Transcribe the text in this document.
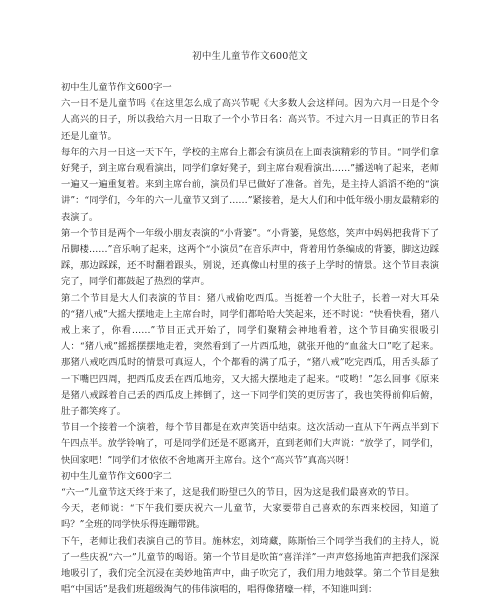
初中生儿童节作文600范文

初中生儿童节作文600字一

六一日不是儿童节吗《在这里怎么成了高兴节呢《大多数人会这样问。因为六月一日是个令人高兴的日子，所以我给六月一日取了一个小节日名：高兴节。不过六月一日真正的节日名还是儿童节。

每年的六月一日这一天下午，学校的主席台上都会有演员在上面表演精彩的节目。“同学们拿好凳子，到主席台观看演出，同学们拿好凳子，到主席台观看演出……”播送响了起来，老师一遍又一遍重复着。来到主席台前，演员们早已做好了准备。首先，是主持人滔滔不绝的“演讲”：“同学们，今年的六一儿童节又到了……”紧接着，是大人们和中低年级小朋友最精彩的表演了。

第一个节目是两个一年级小朋友表演的“小背篓”。“小背篓，晃悠悠，笑声中妈妈把我背下了吊脚楼……”音乐响了起来，这两个“小演员”在音乐声中，背着用竹条编成的背篓，脚这边踩踩，那边踩踩，还不时翻着跟头，别说，还真像山村里的孩子上学时的情景。这个节目表演完了，同学们都鼓起了热烈的掌声。

第二个节目是大人们表演的节目：猪八戒偷吃西瓜。当挺着一个大肚子，长着一对大耳朵的“猪八戒”大摇大摆地走上主席台时，同学们都哈哈大笑起来，还不时说：“快看快看，猪八戒上来了，你看……”节目正式开始了，同学们聚精会神地看着，这个节目确实很吸引人：“猪八戒”摇摇摆摆地走着，突然看到了一片西瓜地，就张开他的“血盆大口”吃了起来。那猪八戒吃西瓜时的情景可真逗人，个个都看的满了瓜子，“猪八戒”吃完西瓜，用舌头舔了一下嘴巴四周，把西瓜皮丢在西瓜地旁，又大摇大摆地走了起来。“哎哟！”怎么回事《原来是猪八戒踩着自己丢的西瓜皮上摔倒了，这一下同学们笑的更厉害了，我也笑得前仰后俯，肚子都笑疼了。

节目一个接着一个演着，每个节目都是在欢声笑语中结束。这次活动一直从下午两点半到下午四点半。放学铃响了，可是同学们还是不愿离开，直到老师们大声说：“放学了，同学们，快回家吧！”同学们才依依不舍地离开主席台。这个“高兴节”真高兴呀！

初中生儿童节作文600字二

“六一”儿童节这天终于来了，这是我们盼望已久的节日，因为这是我们最喜欢的节日。

今天，老师说：“下午我们要庆祝六一儿童节，大家要带自己喜欢的东西来校园，知道了吗？”全班的同学快乐得连蹦带跳。

下午，老师让我们表演自己的节目。施林宏，刘琦藏，陈斯怡三个同学当我们的主持人，说了一些庆祝“六一”儿童节的喝语。第一个节目是吹笛“喜洋洋”一声声悠扬地笛声把我们深深地吸引了，我们完全沉浸在美妙地笛声中，曲子吹完了，我们用力地鼓掌。第二个节目是独唱“中国话”是我们班超级淘气的伟伟演唱的，唱得像猪嚎一样，不知谁叫到：
